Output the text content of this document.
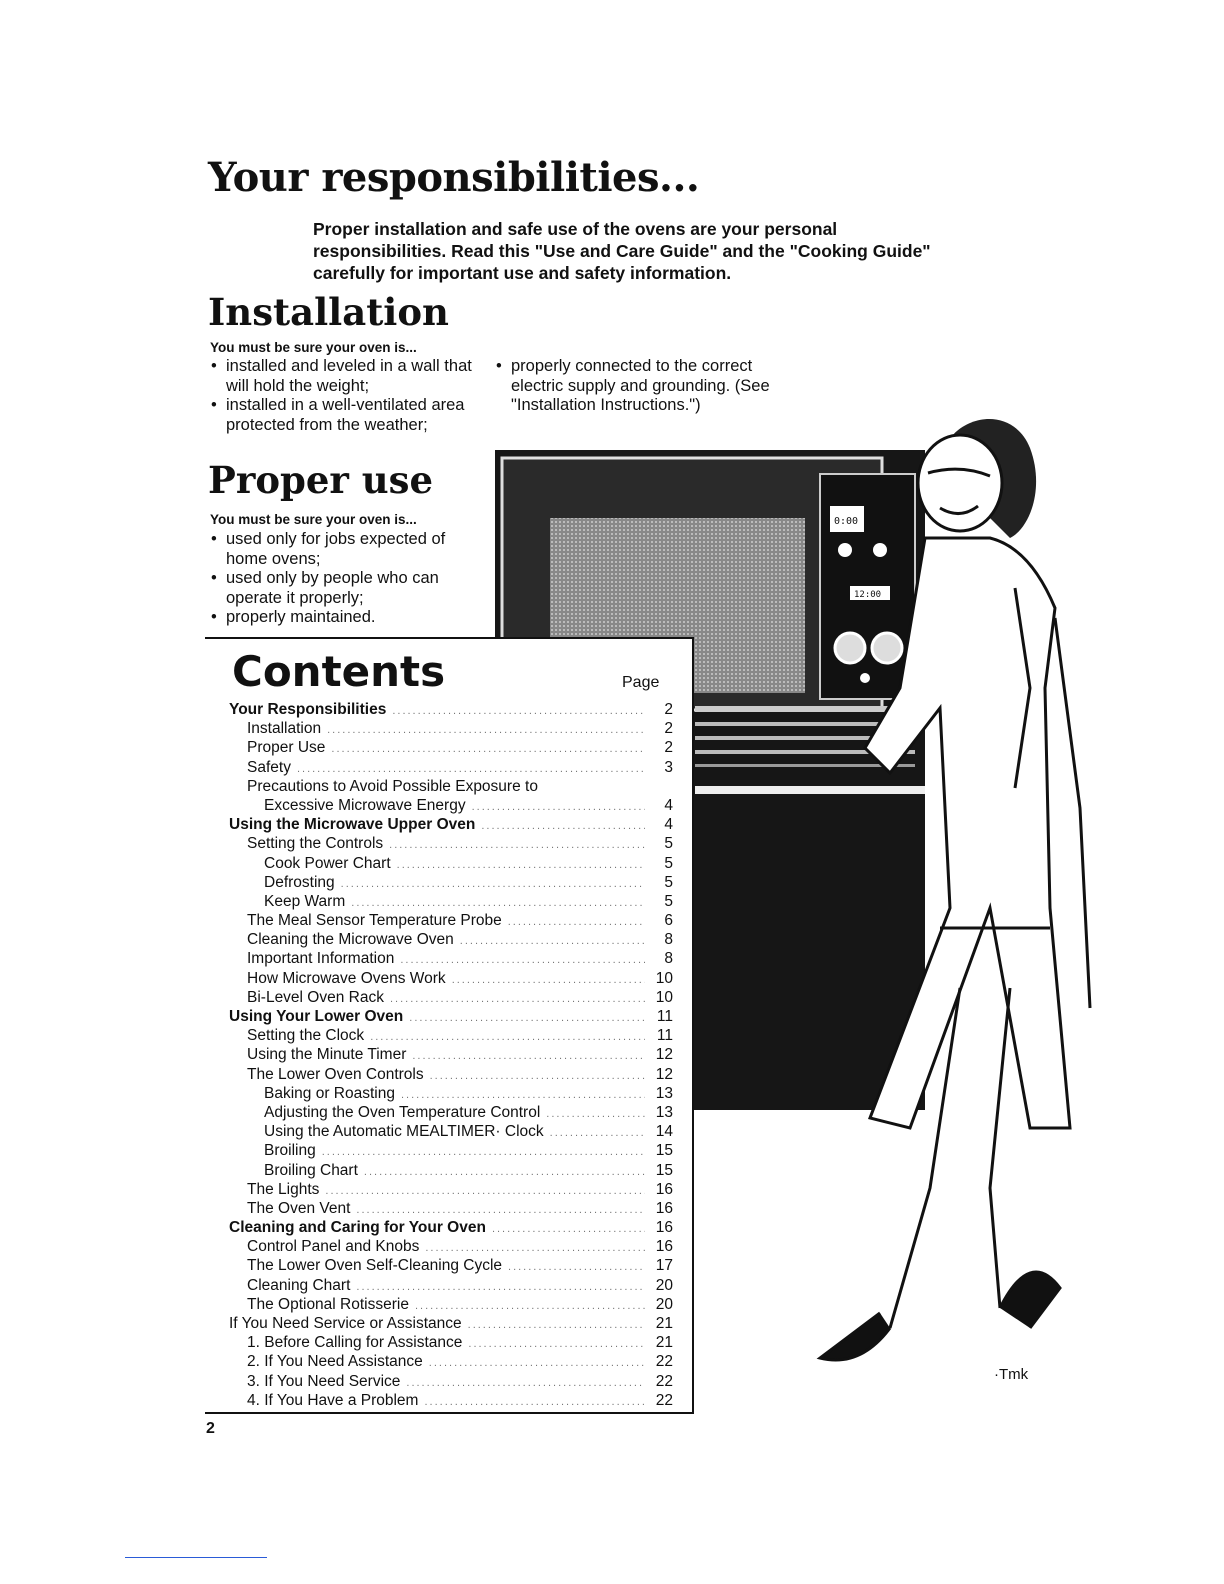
Your responsibilities...
Proper installation and safe use of the ovens are your personal responsibilities. Read this "Use and Care Guide" and the "Cooking Guide" carefully for important use and safety information.
Installation
You must be sure your oven is...
• installed and leveled in a wall that will hold the weight;
• installed in a well-ventilated area protected from the weather;
• properly connected to the correct electric supply and grounding. (See "Installation Instructions.")
Proper use
You must be sure your oven is...
• used only for jobs expected of home ovens;
• used only by people who can operate it properly;
• properly maintained.
0:00
12:00
Contents	Page
Your Responsibilities .....	2
Installation .....	2
Proper Use .....	2
Safety .....	3
Precautions to Avoid Possible Exposure to
Excessive Microwave Energy .....	4
Using the Microwave Upper Oven .....	4
Setting the Controls .....	5
Cook Power Chart .....	5
Defrosting .....	5
Keep Warm .....	5
The Meal Sensor Temperature Probe .....	6
Cleaning the Microwave Oven .....	8
Important Information .....	8
How Microwave Ovens Work .....	10
Bi-Level Oven Rack .....	10
Using Your Lower Oven .....	11
Setting the Clock .....	11
Using the Minute Timer .....	12
The Lower Oven Controls .....	12
Baking or Roasting .....	13
Adjusting the Oven Temperature Control .....	13
Using the Automatic MEALTIMER· Clock .....	14
Broiling .....	15
Broiling Chart .....	15
The Lights .....	16
The Oven Vent .....	16
Cleaning and Caring for Your Oven .....	16
Control Panel and Knobs .....	16
The Lower Oven Self-Cleaning Cycle .....	17
Cleaning Chart .....	20
The Optional Rotisserie .....	20
If You Need Service or Assistance .....	21
1. Before Calling for Assistance .....	21
2. If You Need Assistance .....	22
3. If You Need Service .....	22
4. If You Have a Problem .....	22
2
·Tmk
